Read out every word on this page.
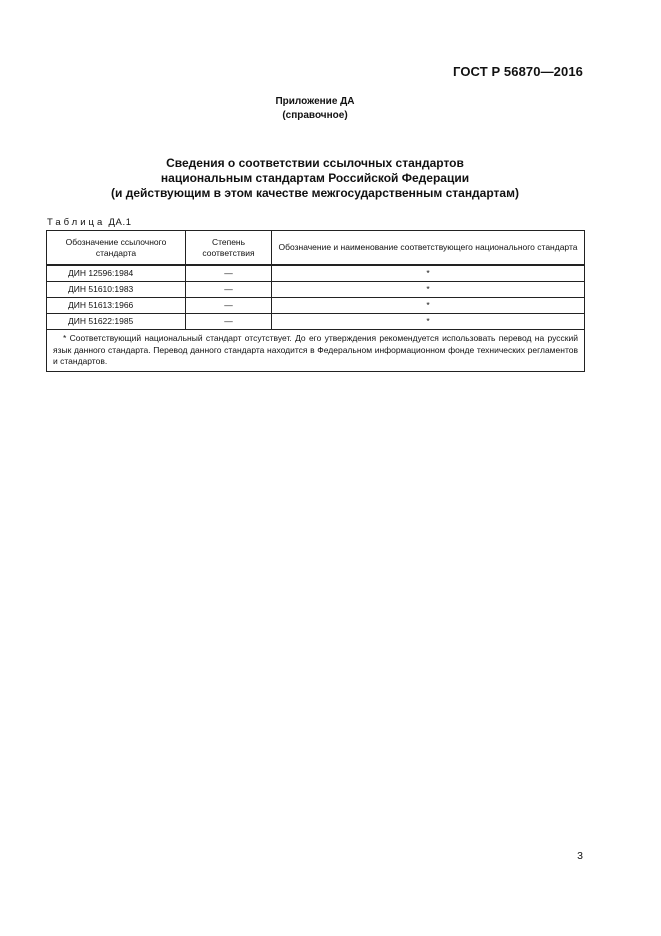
ГОСТ Р 56870—2016
Приложение ДА
(справочное)
Сведения о соответствии ссылочных стандартов
национальным стандартам Российской Федерации
(и действующим в этом качестве межгосударственным стандартам)
Таблица ДА.1
Обозначение ссылочного стандарта	Степень соответствия	Обозначение и наименование соответствующего национального стандарта
ДИН 12596:1984	—	*
ДИН 51610:1983	—	*
ДИН 51613:1966	—	*
ДИН 51622:1985	—	*

* Соответствующий национальный стандарт отсутствует. До его утверждения рекомендуется использовать перевод на русский язык данного стандарта. Перевод данного стандарта находится в Федеральном информационном фонде технических регламентов и стандартов.		
3
